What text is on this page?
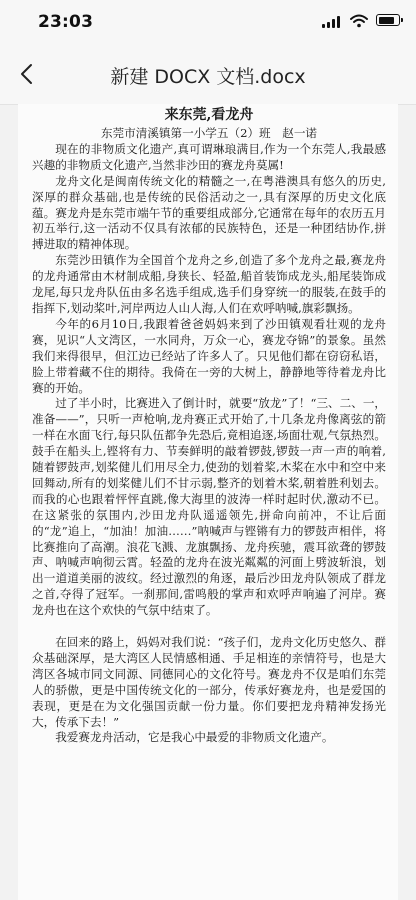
23:03
新建 DOCX 文档.docx
来东莞,看龙舟

东莞市清溪镇第一小学五（2）班　赵一诺

现在的非物质文化遗产,真可谓琳琅满目,作为一个东莞人,我最感兴趣的非物质文化遗产,当然非沙田的赛龙舟莫属!

龙舟文化是闽南传统文化的精髓之一,在粤港澳具有悠久的历史,深厚的群众基础,也是传统的民俗活动之一,具有深厚的历史文化底蕴。赛龙舟是东莞市端午节的重要组成部分,它通常在每年的农历五月初五举行,这一活动不仅具有浓郁的民族特色，还是一种团结协作,拼搏进取的精神体现。

东莞沙田镇作为全国首个龙舟之乡,创造了多个龙舟之最,赛龙舟的龙舟通常由木材制成船,身狭长、轻盈,船首装饰成龙头,船尾装饰成龙尾,每只龙舟队伍由多名选手组成,选手们身穿统一的服装,在鼓手的指挥下,划动桨叶,河岸两边人山人海,人们在欢呼呐喊,旗彩飘扬。

今年的6月10日,我跟着爸爸妈妈来到了沙田镇观看壮观的龙舟赛，见识“人文湾区，一水同舟，万众一心，赛龙夺锦”的景象。虽然我们来得很早，但江边已经站了许多人了。只见他们都在窃窃私语，脸上带着藏不住的期待。我倚在一旁的大树上，静静地等待着龙舟比赛的开始。

过了半小时，比赛进入了倒计时，就要“放龙”了！“三、二、一，准备——”，只听一声枪响,龙舟赛正式开始了,十几条龙舟像离弦的箭一样在水面飞行,每只队伍都争先恐后,竟相追逐,场面壮观,气氛热烈。鼓手在船头上,铿将有力、节奏鲜明的敲着锣鼓,锣鼓一声一声的响着,随着锣鼓声,划桨健儿们用尽全力,使劲的划着桨,木桨在水中和空中来回舞动,所有的划桨健儿们不甘示弱,整齐的划着木桨,朝着胜利划去。而我的心也跟着怦怦直跳,像大海里的波涛一样时起时伏,激动不已。在这紧张的氛围内,沙田龙舟队遥遥领先,拼命向前冲，不让后面的“龙”追上，“加油！加油……”呐喊声与铿锵有力的锣鼓声相伴，将比赛推向了高潮。浪花飞溅、龙旗飘扬、龙舟疾驰，震耳欲聋的锣鼓声、呐喊声响彻云霄。轻盈的龙舟在波光粼粼的河面上劈波斩浪，划出一道道美丽的波纹。经过激烈的角逐，最后沙田龙舟队领成了群龙之首,夺得了冠军。一刹那间,雷鸣般的掌声和欢呼声响遍了河岸。赛龙舟也在这个欢快的气氛中结束了。

在回来的路上，妈妈对我们说：“孩子们，龙舟文化历史悠久、群众基础深厚，是大湾区人民情感相通、手足相连的亲情符号，也是大湾区各城市同文同源、同德同心的文化符号。赛龙舟不仅是咱们东莞人的骄傲，更是中国传统文化的一部分，传承好赛龙舟，也是爱国的表现，更是在为文化强国贡献一份力量。你们要把龙舟精神发扬光大，传承下去！”

我爱赛龙舟活动，它是我心中最爱的非物质文化遗产。
